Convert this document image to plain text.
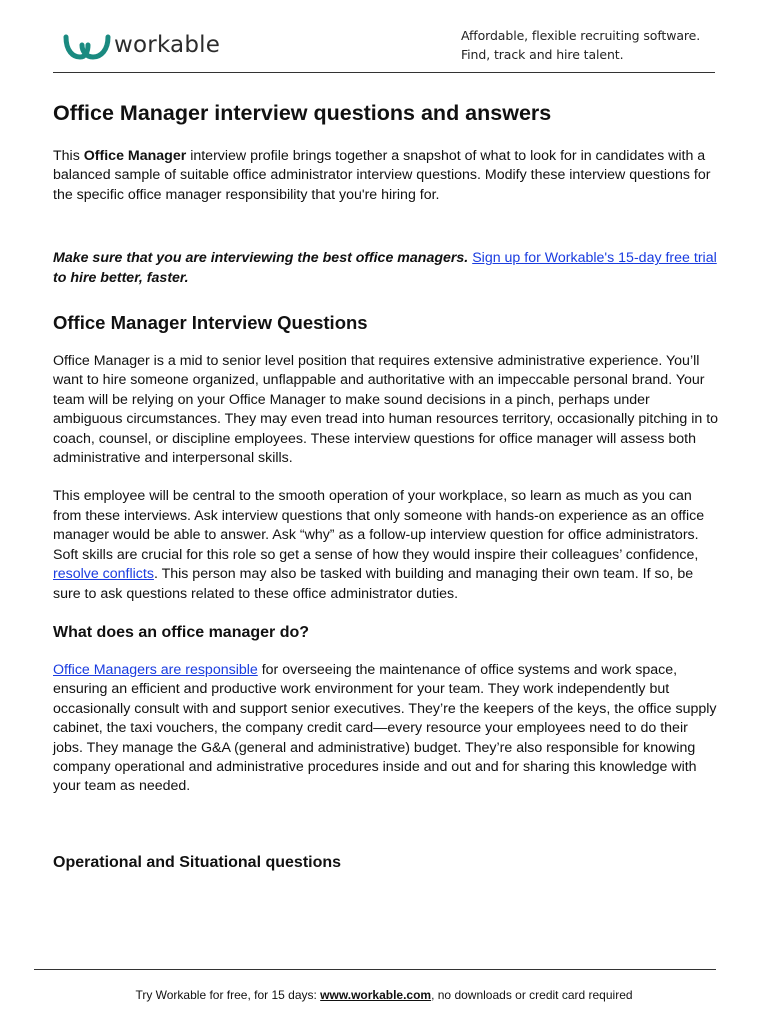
workable	Affordable, flexible recruiting software.
Find, track and hire talent.
Office Manager interview questions and answers

This Office Manager interview profile brings together a snapshot of what to look for in candidates with a balanced sample of suitable office administrator interview questions. Modify these interview questions for the specific office manager responsibility that you're hiring for.

Make sure that you are interviewing the best office managers. Sign up for Workable's 15-day free trial to hire better, faster.

Office Manager Interview Questions

Office Manager is a mid to senior level position that requires extensive administrative experience. You’ll want to hire someone organized, unflappable and authoritative with an impeccable personal brand. Your team will be relying on your Office Manager to make sound decisions in a pinch, perhaps under ambiguous circumstances. They may even tread into human resources territory, occasionally pitching in to coach, counsel, or discipline employees. These interview questions for office manager will assess both administrative and interpersonal skills.

This employee will be central to the smooth operation of your workplace, so learn as much as you can from these interviews. Ask interview questions that only someone with hands-on experience as an office manager would be able to answer. Ask “why” as a follow-up interview question for office administrators. Soft skills are crucial for this role so get a sense of how they would inspire their colleagues’ confidence, resolve conflicts. This person may also be tasked with building and managing their own team. If so, be sure to ask questions related to these office administrator duties.

What does an office manager do?

Office Managers are responsible for overseeing the maintenance of office systems and work space, ensuring an efficient and productive work environment for your team. They work independently but occasionally consult with and support senior executives. They’re the keepers of the keys, the office supply cabinet, the taxi vouchers, the company credit card—every resource your employees need to do their jobs. They manage the G&A (general and administrative) budget. They’re also responsible for knowing company operational and administrative procedures inside and out and for sharing this knowledge with your team as needed.

Operational and Situational questions
Try Workable for free, for 15 days: www.workable.com, no downloads or credit card required
